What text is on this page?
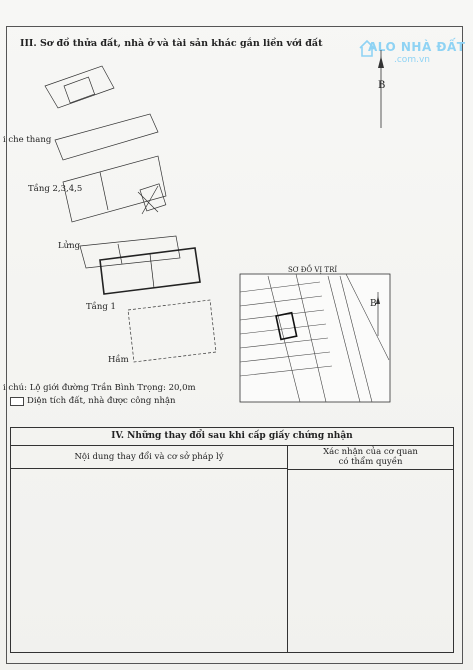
III. Sơ đồ thửa đất, nhà ở và tài sản khác gắn liền với đất	ALO NHÀ ĐẤT
.com.vn
B
i che thang
Tầng 2,3,4,5
Lửng
Tầng 1
Hầm
SƠ ĐỒ VỊ TRÍ
B
i chú: Lộ giới đường Trần Bình Trọng: 20,0m
Diện tích đất, nhà được công nhận
IV. Những thay đổi sau khi cấp giấy chứng nhận
Nội dung thay đổi và cơ sở pháp lý	Xác nhận của cơ quan
có thẩm quyền
